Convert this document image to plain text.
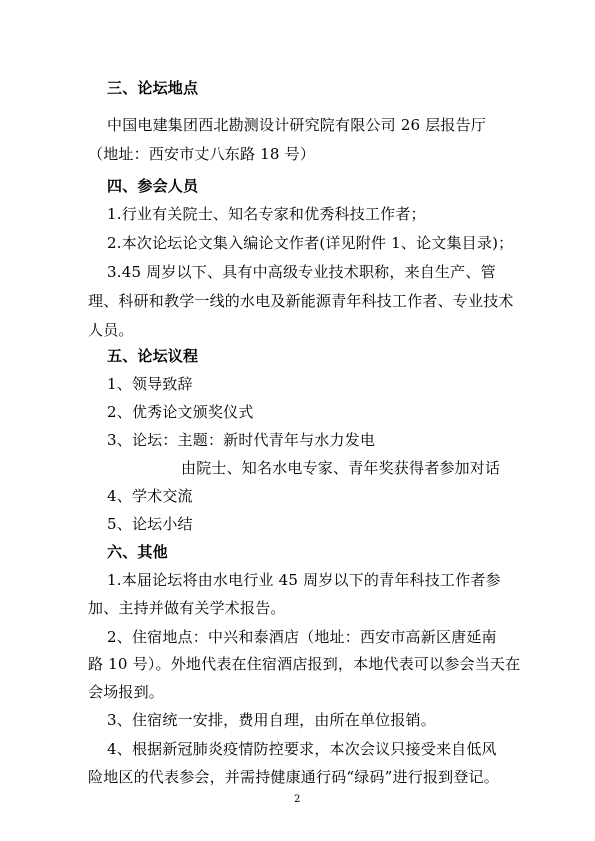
三、论坛地点
中国电建集团西北勘测设计研究院有限公司 26 层报告厅
（地址：西安市丈八东路 18 号）
四、参会人员
1.行业有关院士、知名专家和优秀科技工作者；
2.本次论坛论文集入编论文作者(详见附件 1、论文集目录)；
3.45 周岁以下、具有中高级专业技术职称，来自生产、管
理、科研和教学一线的水电及新能源青年科技工作者、专业技术
人员。
五、论坛议程
1、领导致辞
2、优秀论文颁奖仪式
3、论坛：主题：新时代青年与水力发电
由院士、知名水电专家、青年奖获得者参加对话
4、学术交流
5、论坛小结
六、其他
1.本届论坛将由水电行业 45 周岁以下的青年科技工作者参
加、主持并做有关学术报告。
2、住宿地点：中兴和泰酒店（地址：西安市高新区唐延南
路 10 号）。外地代表在住宿酒店报到，本地代表可以参会当天在
会场报到。
3、住宿统一安排，费用自理，由所在单位报销。
4、根据新冠肺炎疫情防控要求，本次会议只接受来自低风
险地区的代表参会，并需持健康通行码“绿码”进行报到登记。
2
